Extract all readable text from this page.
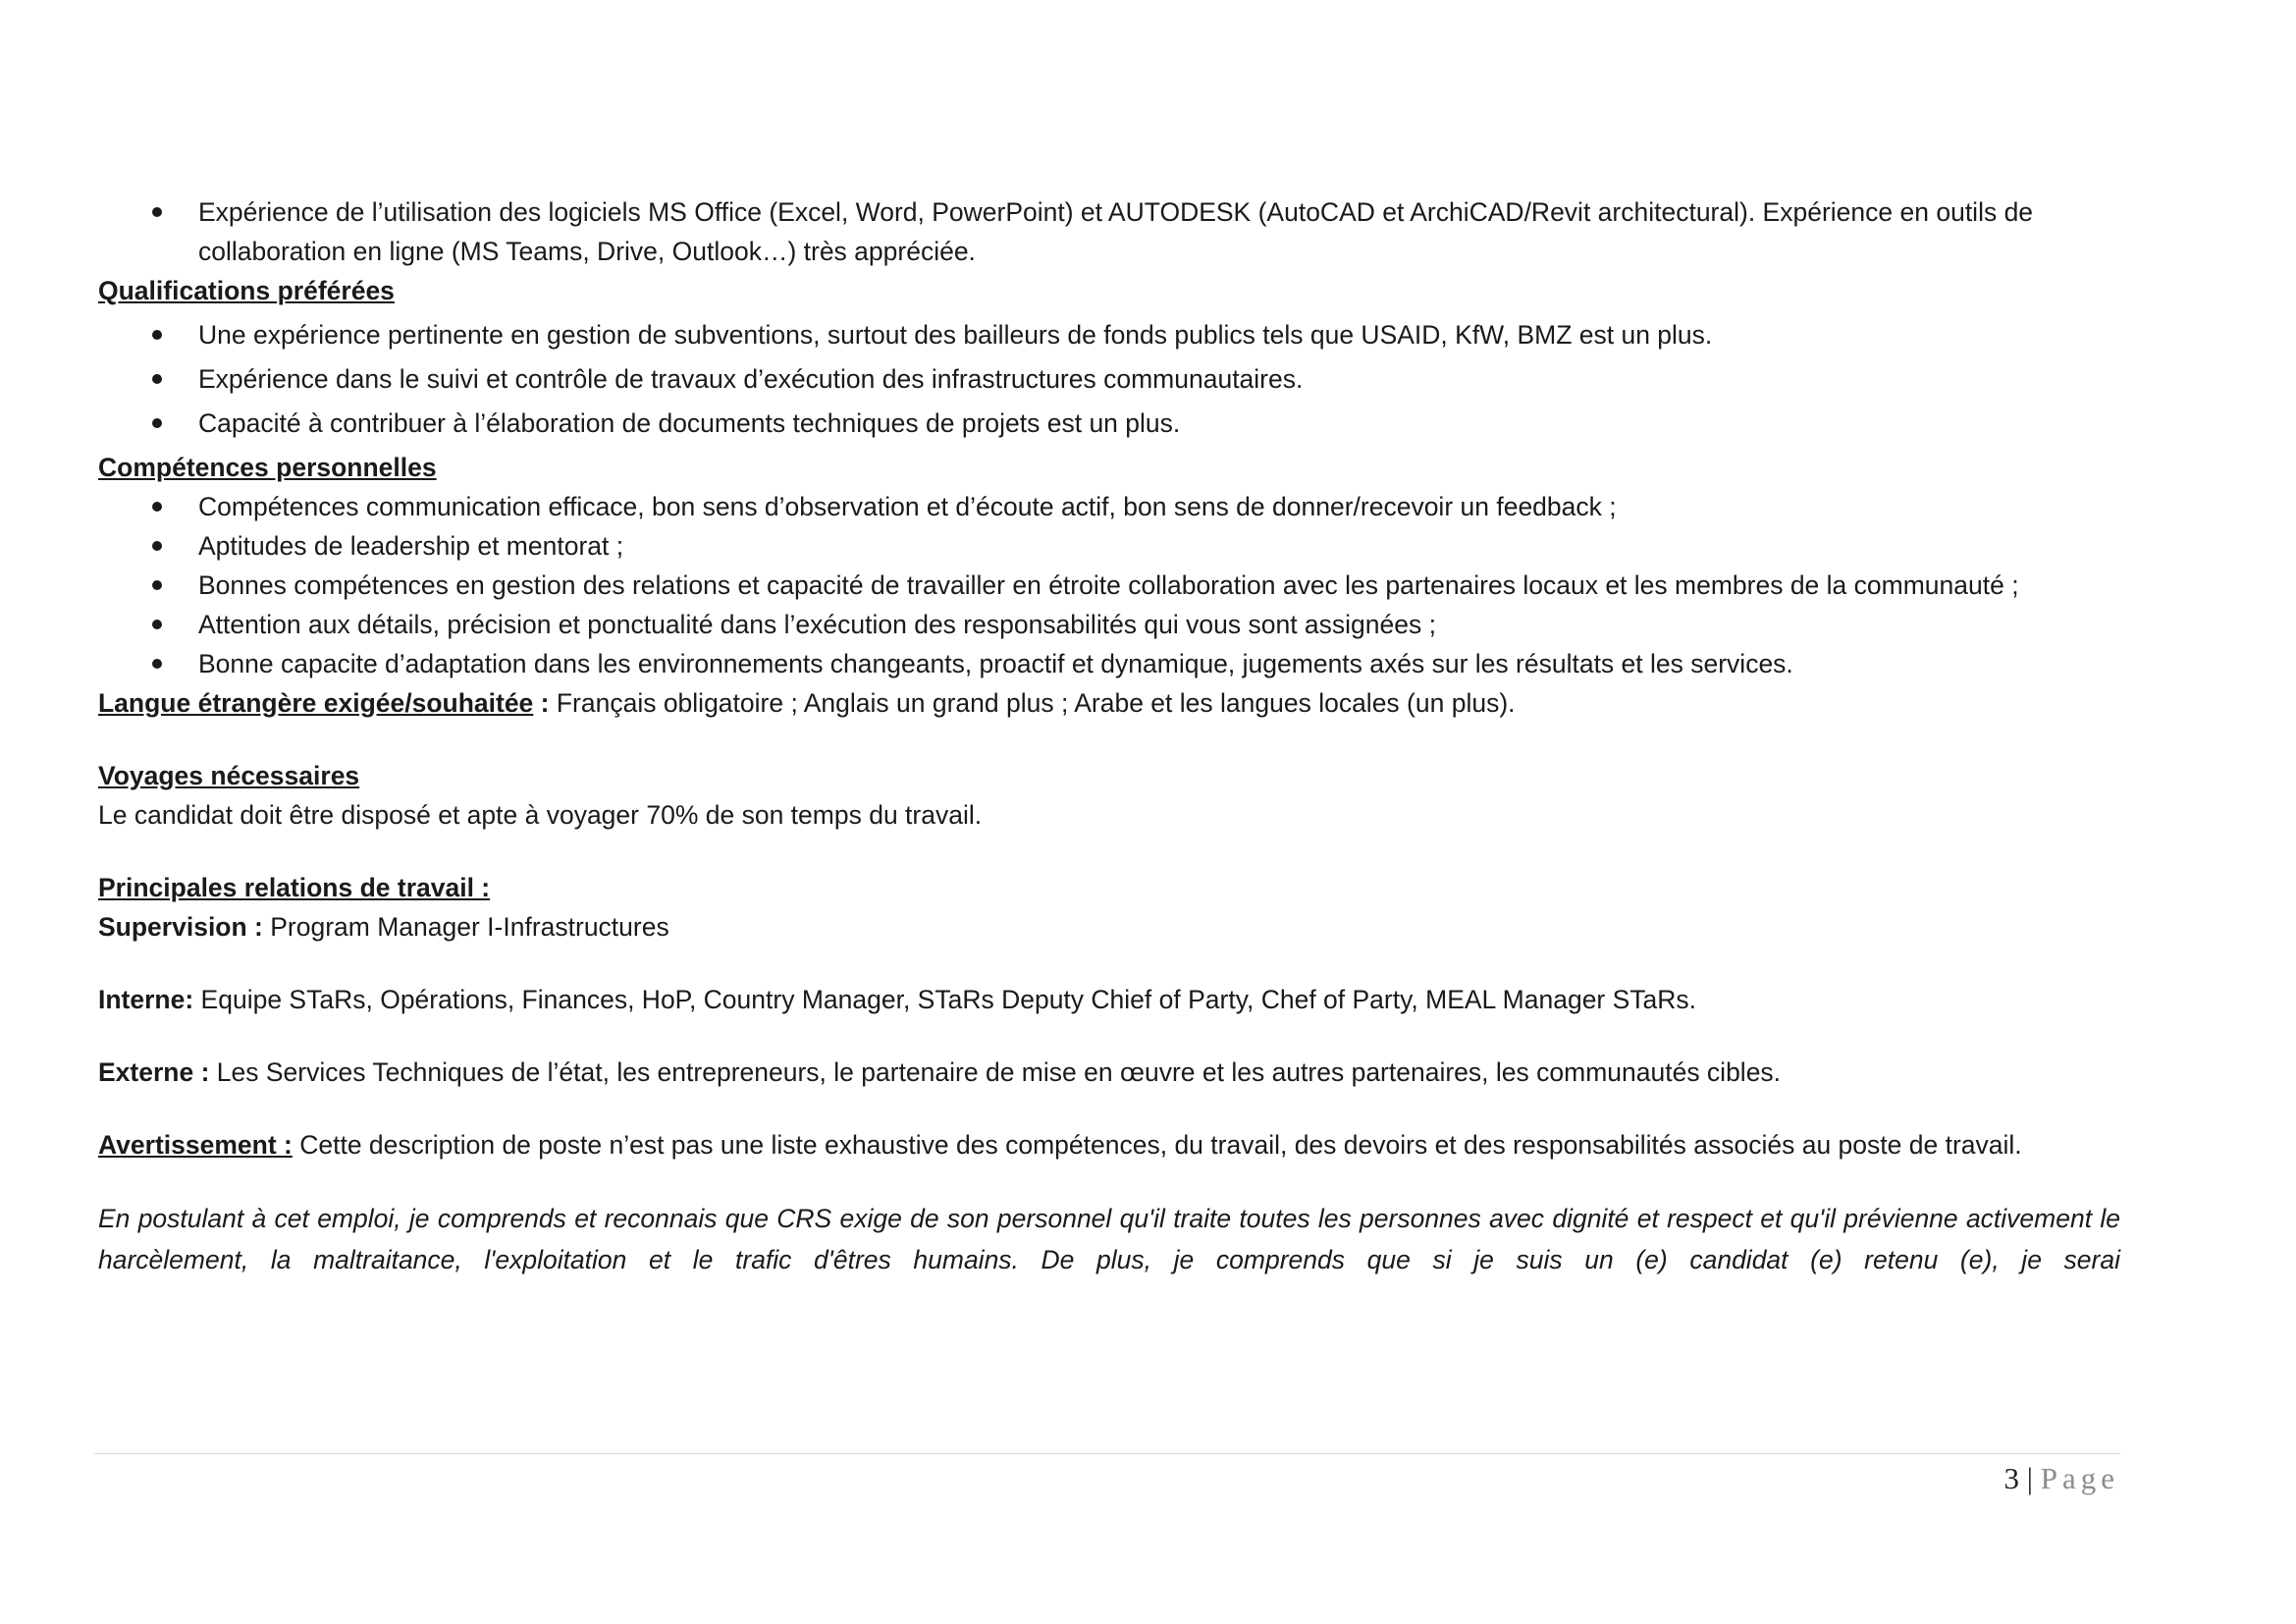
Expérience de l’utilisation des logiciels MS Office (Excel, Word, PowerPoint) et AUTODESK (AutoCAD et ArchiCAD/Revit architectural). Expérience en outils de collaboration en ligne (MS Teams, Drive, Outlook…) très appréciée.

Qualifications préférées

Une expérience pertinente en gestion de subventions, surtout des bailleurs de fonds publics tels que USAID, KfW, BMZ est un plus.
Expérience dans le suivi et contrôle de travaux d’exécution des infrastructures communautaires.
Capacité à contribuer à l’élaboration de documents techniques de projets est un plus.

Compétences personnelles

Compétences communication efficace, bon sens d’observation et d’écoute actif, bon sens de donner/recevoir un feedback ;
Aptitudes de leadership et mentorat ;
Bonnes compétences en gestion des relations et capacité de travailler en étroite collaboration avec les partenaires locaux et les membres de la communauté ;
Attention aux détails, précision et ponctualité dans l’exécution des responsabilités qui vous sont assignées ;
Bonne capacite d’adaptation dans les environnements changeants, proactif et dynamique, jugements axés sur les résultats et les services.

Langue étrangère exigée/souhaitée : Français obligatoire ; Anglais un grand plus ; Arabe et les langues locales (un plus).

Voyages nécessaires

Le candidat doit être disposé et apte à voyager 70% de son temps du travail.

Principales relations de travail :

Supervision : Program Manager I-Infrastructures

Interne: Equipe STaRs, Opérations, Finances, HoP, Country Manager, STaRs Deputy Chief of Party, Chef of Party, MEAL Manager STaRs.

Externe : Les Services Techniques de l’état, les entrepreneurs, le partenaire de mise en œuvre et les autres partenaires, les communautés cibles.

Avertissement : Cette description de poste n’est pas une liste exhaustive des compétences, du travail, des devoirs et des responsabilités associés au poste de travail.

En postulant à cet emploi, je comprends et reconnais que CRS exige de son personnel qu'il traite toutes les personnes avec dignité et respect et qu'il prévienne activement le harcèlement, la maltraitance, l'exploitation et le trafic d'êtres humains. De plus, je comprends que si je suis un (e) candidat (e) retenu (e), je serai

3 | Page
